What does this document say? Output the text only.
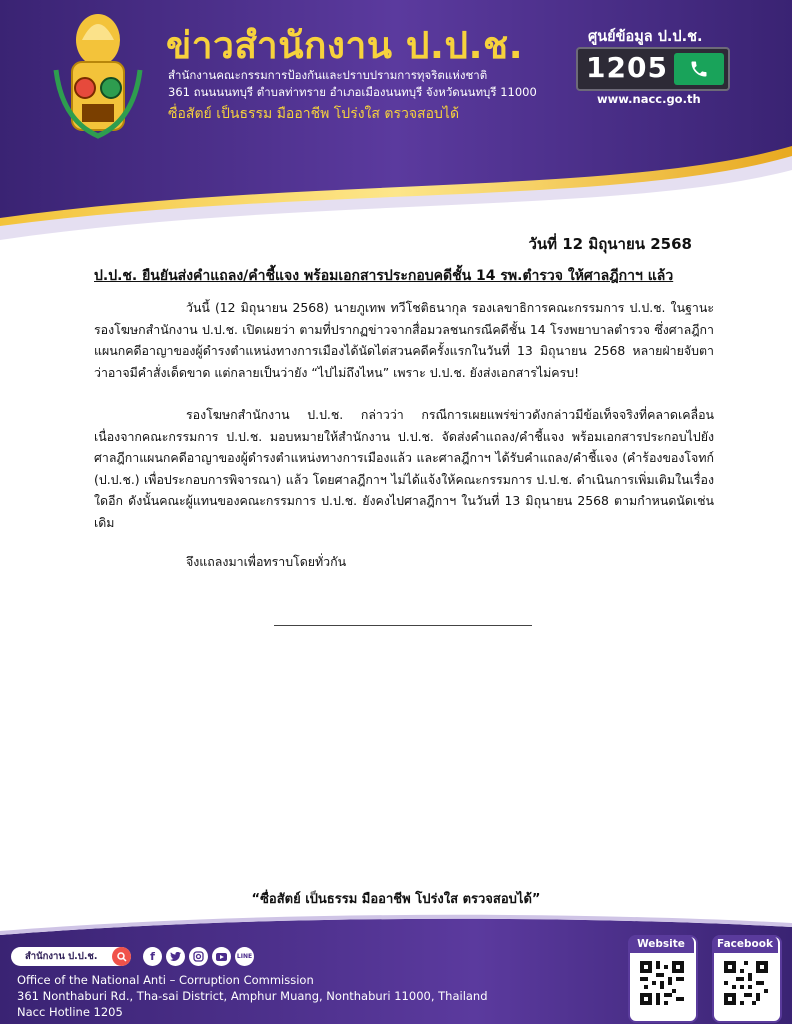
ข่าวสำนักงาน ป.ป.ช.
สำนักงานคณะกรรมการป้องกันและปราบปรามการทุจริตแห่งชาติ
361 ถนนนนทบุรี ตำบลท่าทราย อำเภอเมืองนนทบุรี จังหวัดนนทบุรี 11000
ซื่อสัตย์ เป็นธรรม มืออาชีพ โปร่งใส ตรวจสอบได้
ศูนย์ข้อมูล ป.ป.ช.
1205
www.nacc.go.th
วันที่ 12 มิถุนายน 2568
ป.ป.ช. ยืนยันส่งคำแถลง/คำชี้แจง พร้อมเอกสารประกอบคดีชั้น 14 รพ.ตำรวจ ให้ศาลฎีกาฯ แล้ว

วันนี้ (12 มิถุนายน 2568) นายภูเทพ ทวีโชติธนากุล รองเลขาธิการคณะกรรมการ ป.ป.ช. ในฐานะรองโฆษกสำนักงาน ป.ป.ช. เปิดเผยว่า ตามที่ปรากฏข่าวจากสื่อมวลชนกรณีคดีชั้น 14 โรงพยาบาลตำรวจ ซึ่งศาลฎีกาแผนกคดีอาญาของผู้ดำรงตำแหน่งทางการเมืองได้นัดไต่สวนคดีครั้งแรกในวันที่ 13 มิถุนายน 2568 หลายฝ่ายจับตาว่าอาจมีคำสั่งเด็ดขาด แต่กลายเป็นว่ายัง “ไปไม่ถึงไหน” เพราะ ป.ป.ช. ยังส่งเอกสารไม่ครบ!

รองโฆษกสำนักงาน ป.ป.ช. กล่าวว่า กรณีการเผยแพร่ข่าวดังกล่าวมีข้อเท็จจริงที่คลาดเคลื่อน เนื่องจากคณะกรรมการ ป.ป.ช. มอบหมายให้สำนักงาน ป.ป.ช. จัดส่งคำแถลง/คำชี้แจง พร้อมเอกสารประกอบไปยังศาลฎีกาแผนกคดีอาญาของผู้ดำรงตำแหน่งทางการเมืองแล้ว และศาลฎีกาฯ ได้รับคำแถลง/คำชี้แจง (คำร้องของโจทก์ (ป.ป.ช.) เพื่อประกอบการพิจารณา) แล้ว โดยศาลฎีกาฯ ไม่ได้แจ้งให้คณะกรรมการ ป.ป.ช. ดำเนินการเพิ่มเติมในเรื่องใดอีก ดังนั้นคณะผู้แทนของคณะกรรมการ ป.ป.ช. ยังคงไปศาลฎีกาฯ ในวันที่ 13 มิถุนายน 2568 ตามกำหนดนัดเช่นเดิม

จึงแถลงมาเพื่อทราบโดยทั่วกัน

“ซื่อสัตย์ เป็นธรรม มืออาชีพ โปร่งใส ตรวจสอบได้”
สำนักงาน ป.ป.ช.	f	LINE
Office of the National Anti – Corruption Commission
361 Nonthaburi Rd., Tha-sai District, Amphur Muang, Nonthaburi 11000, Thailand
Nacc Hotline 1205
Website	Facebook
